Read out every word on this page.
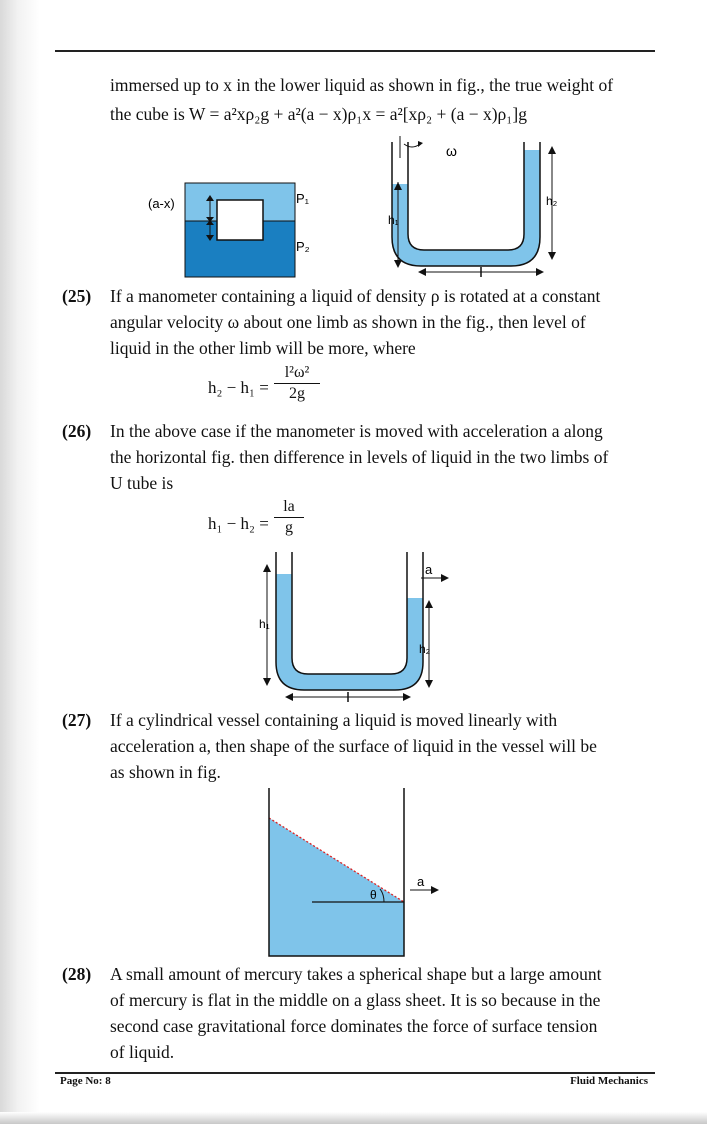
immersed up to x in the lower liquid as shown in fig., the true weight of
the cube is W = a²xρ₂g + a²(a − x)ρ₁x = a²[xρ₂ + (a − x)ρ₁]g
(a-x)	P₁
P₂
ω
h₁
h₂
(25) If a manometer containing a liquid of density ρ is rotated at a constant
angular velocity ω about one limb as shown in the fig., then level of
liquid in the other limb will be more, where
h₂ − h₁ =
l²ω²
2g
(26) In the above case if the manometer is moved with acceleration a along
the horizontal fig. then difference in levels of liquid in the two limbs of
U tube is
h₁ − h₂ =
la
g
h₁
h₂
a
(27) If a cylindrical vessel containing a liquid is moved linearly with
acceleration a, then shape of the surface of liquid in the vessel will be
as shown in fig.
θ
a
(28) A small amount of mercury takes a spherical shape but a large amount
of mercury is flat in the middle on a glass sheet. It is so because in the
second case gravitational force dominates the force of surface tension
of liquid.
Page No: 8	Fluid Mechanics
